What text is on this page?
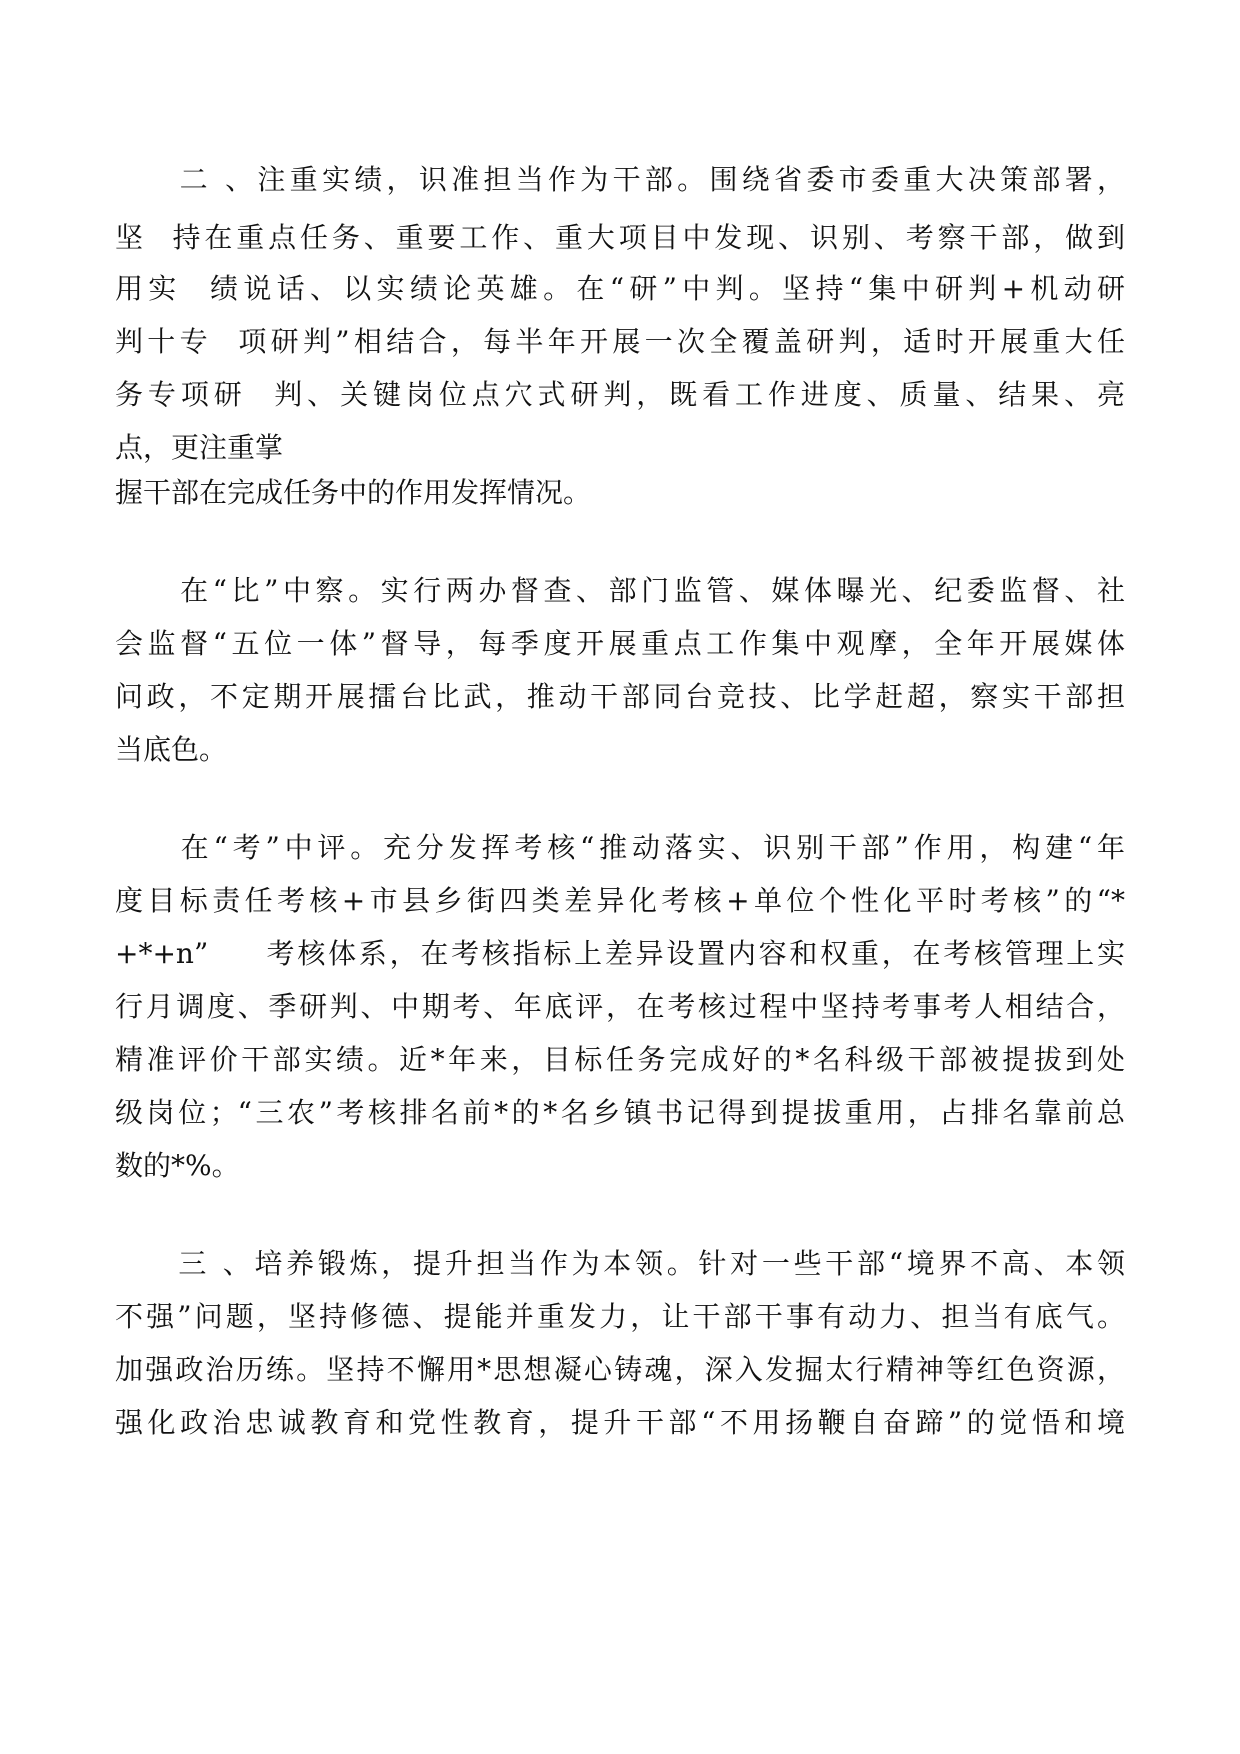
　　二 、注重实绩，识准担当作为干部。围绕省委市委重大决策部署，
坚  持在重点任务、重要工作、重大项目中发现、识别、考察干部，做到
用实  绩说话、以实绩论英雄。在“研”中判。坚持“集中研判+机动研
判十专  项研判”相结合，每半年开展一次全覆盖研判，适时开展重大任
务专项研  判、关键岗位点穴式研判，既看工作进度、质量、结果、亮
点，更注重掌
握干部在完成任务中的作用发挥情况。
　　在“比”中察。实行两办督查、部门监管、媒体曝光、纪委监督、社
会监督“五位一体”督导，每季度开展重点工作集中观摩，全年开展媒体
问政，不定期开展擂台比武，推动干部同台竞技、比学赶超，察实干部担
当底色。
　　在“考”中评。充分发挥考核“推动落实、识别干部”作用，构建“年
度目标责任考核+市县乡街四类差异化考核+单位个性化平时考核”的“*
+*+n”     考核体系，在考核指标上差异设置内容和权重，在考核管理上实
行月调度、季研判、中期考、年底评，在考核过程中坚持考事考人相结合，
精准评价干部实绩。近*年来，目标任务完成好的*名科级干部被提拔到处
级岗位；“三农”考核排名前*的*名乡镇书记得到提拔重用，占排名靠前总
数的*%。
　　三 、培养锻炼，提升担当作为本领。针对一些干部“境界不高、本领
不强”问题，坚持修德、提能并重发力，让干部干事有动力、担当有底气。
加强政治历练。坚持不懈用*思想凝心铸魂，深入发掘太行精神等红色资源，
强化政治忠诚教育和党性教育，提升干部“不用扬鞭自奋蹄”的觉悟和境
